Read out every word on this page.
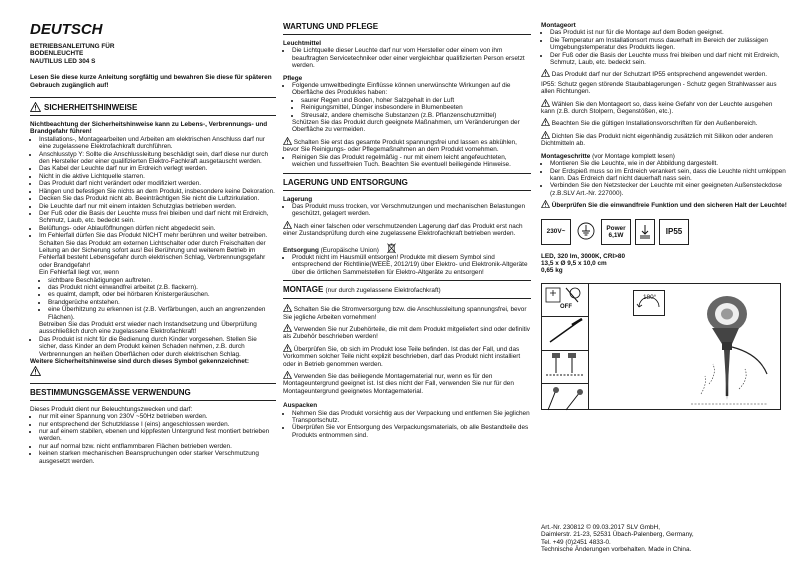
DEUTSCH
BETRIEBSANLEITUNG FÜR
BODENLEUCHTE
NAUTILUS LED 304 S

Lesen Sie diese kurze Anleitung sorgfältig und bewahren Sie diese für späteren Gebrauch zugänglich auf!

SICHERHEITSHINWEISE

Nichtbeachtung der Sicherheitshinweise kann zu Lebens-, Verbrennungs- und Brandgefahr führen!

• Installations-, Montagearbeiten und Arbeiten am elektrischen Anschluss darf nur eine zugelassene Elektrofachkraft durchführen.
• Anschlusstyp Y: Sollte die Anschlussleitung beschädigt sein, darf diese nur durch den Hersteller oder einer qualifizierten Elektro-Fachkraft ausgetauscht werden.
• Das Kabel der Leuchte darf nur im Erdreich verlegt werden.
• Nicht in die aktive Lichtquelle starren.
• Das Produkt darf nicht verändert oder modifiziert werden.
• Hängen und befestigen Sie nichts an dem Produkt, insbesondere keine Dekoration.
• Decken Sie das Produkt nicht ab. Beeinträchtigen Sie nicht die Luftzirkulation.
• Die Leuchte darf nur mit einem intakten Schutzglas betrieben werden.
• Der Fuß oder die Basis der Leuchte muss frei bleiben und darf nicht mit Erdreich, Schmutz, Laub, etc. bedeckt sein.
• Belüftungs- oder Ablauföffnungen dürfen nicht abgedeckt sein.
• Im Fehlerfall dürfen Sie das Produkt NICHT mehr berühren und weiter betreiben. Schalten Sie das Produkt am externen Lichtschalter oder durch Freischalten der Leitung an der Sicherung sofort aus! Bei Berührung und weiterem Betrieb im Fehlerfall besteht Lebensgefahr durch elektrischen Schlag, Verbrennungsgefahr oder Brandgefahr!

Ein Fehlerfall liegt vor, wenn

• sichtbare Beschädigungen auftreten.
• das Produkt nicht einwandfrei arbeitet (z.B. flackern).
• es qualmt, dampft, oder bei hörbaren Knistergeräuschen.
• Brandgerüche entstehen.
• eine Überhitzung zu erkennen ist (z.B. Verfärbungen, auch an angrenzenden Flächen).

Betreiben Sie das Produkt erst wieder nach Instandsetzung und Überprüfung ausschließlich durch eine zugelassene Elektrofachkraft!

• Das Produkt ist nicht für die Bedienung durch Kinder vorgesehen. Stellen Sie sicher, dass Kinder an dem Produkt keinen Schaden nehmen, z.B. durch Verbrennungen an heißen Oberflächen oder durch elektrischen Schlag.

Weitere Sicherheitshinweise sind durch dieses Symbol gekennzeichnet:

BESTIMMUNGSGEMÄSSE VERWENDUNG

Dieses Produkt dient nur Beleuchtungszwecken und darf:

• nur mit einer Spannung von 230V ~50Hz betrieben werden.
• nur entsprechend der Schutzklasse I (eins) angeschlossen werden.
• nur auf einem stabilen, ebenen und kippfesten Untergrund fest montiert betrieben werden.
• nur auf normal bzw. nicht entflammbaren Flächen betrieben werden.
• keinen starken mechanischen Beanspruchungen oder starker Verschmutzung ausgesetzt werden.
WARTUNG UND PFLEGE

Leuchtmittel

• Die Lichtquelle dieser Leuchte darf nur vom Hersteller oder einem von ihm beauftragten Servicetechniker oder einer vergleichbar qualifizierten Person ersetzt werden.

Pflege

• Folgende umweltbedingte Einflüsse können unerwünschte Wirkungen auf die Oberfläche des Produktes haben:
• saurer Regen und Boden, hoher Salzgehalt in der Luft
• Reinigungsmittel, Dünger insbesondere in Blumenbeeten
• Streusalz, andere chemische Substanzen (z.B. Pflanzenschutzmittel)

Schützen Sie das Produkt durch geeignete Maßnahmen, um Veränderungen der Oberfläche zu vermeiden.

Schalten Sie erst das gesamte Produkt spannungsfrei und lassen es abkühlen, bevor Sie Reinigungs- oder Pflegemaßnahmen an dem Produkt vornehmen.

• Reinigen Sie das Produkt regelmäßig - nur mit einem leicht angefeuchteten, weichen und fusselfreien Tuch. Beachten Sie eventuell beiliegende Hinweise.
LAGERUNG UND ENTSORGUNG

Lagerung

• Das Produkt muss trocken, vor Verschmutzungen und mechanischen Belastungen geschützt, gelagert werden.

Nach einer falschen oder verschmutzenden Lagerung darf das Produkt erst nach einer Zustandsprüfung durch eine zugelassene Elektrofachkraft betrieben werden.

Entsorgung (Europäische Union)

• Produkt nicht im Hausmüll entsorgen! Produkte mit diesem Symbol sind entsprechend der Richtlinie(WEEE, 2012/19) über Elektro- und Elektronik-Altgeräte über die örtlichen Sammelstellen für Elektro-Altgeräte zu entsorgen!
MONTAGE (nur durch zugelassene Elektrofachkraft)

Schalten Sie die Stromversorgung bzw. die Anschlussleitung spannungsfrei, bevor Sie jegliche Arbeiten vornehmen!

Verwenden Sie nur Zubehörteile, die mit dem Produkt mitgeliefert sind oder definitiv als Zubehör beschrieben werden!

Überprüfen Sie, ob sich im Produkt lose Teile befinden. Ist das der Fall, und das Vorkommen solcher Teile nicht explizit beschrieben, darf das Produkt nicht installiert oder in Betrieb genommen werden.

Verwenden Sie das beiliegende Montagematerial nur, wenn es für den Montageuntergrund geeignet ist. Ist dies nicht der Fall, verwenden Sie nur für den Montageuntergrund geeignetes Montagematerial.

Auspacken

• Nehmen Sie das Produkt vorsichtig aus der Verpackung und entfernen Sie jeglichen Transportschutz.
• Überprüfen Sie vor Entsorgung des Verpackungsmaterials, ob alle Bestandteile des Produkts entnommen sind.

Montageort

• Das Produkt ist nur für die Montage auf dem Boden geeignet.
• Die Temperatur am Installationsort muss dauerhaft im Bereich der zulässigen Umgebungstemperatur des Produkts liegen.
• Der Fuß oder die Basis der Leuchte muss frei bleiben und darf nicht mit Erdreich, Schmutz, Laub, etc. bedeckt sein.

Das Produkt darf nur der Schutzart IP55 entsprechend angewendet werden.

IP55: Schutz gegen störende Staubablagerungen - Schutz gegen Strahlwasser aus allen Richtungen.

Wählen Sie den Montageort so, dass keine Gefahr von der Leuchte ausgehen kann (z.B. durch Stolpern, Gegenstößen, etc.).

Beachten Sie die gültigen Installationsvorschriften für den Außenbereich.

Dichten Sie das Produkt nicht eigenhändig zusätzlich mit Silikon oder anderen Dichtmitteln ab.

Montageschritte (vor Montage komplett lesen)

• Montieren Sie die Leuchte, wie in der Abbildung dargestellt.
• Der Erdspieß muss so im Erdreich verankert sein, dass die Leuchte nicht umkippen kann. Das Erdreich darf nicht dauerhaft nass sein.
• Verbinden Sie den Netzstecker der Leuchte mit einer geeigneten Außensteckdose (z.B.SLV Art.-Nr. 227000).

Überprüfen Sie die einwandfreie Funktion und den sicheren Halt der Leuchte!

230V~	Power 6,1W	IP55
LED, 320 lm, 3000K, CRI>80
13,5 x Ø 9,5 x 10,0 cm
0,65 kg
OFF
180°
Art.-Nr. 230812 © 09.03.2017 SLV GmbH,
Daimlerstr. 21-23, 52531 Übach-Palenberg, Germany,
Tel. +49 (0)2451 4833-0.
Technische Änderungen vorbehalten. Made in China.
